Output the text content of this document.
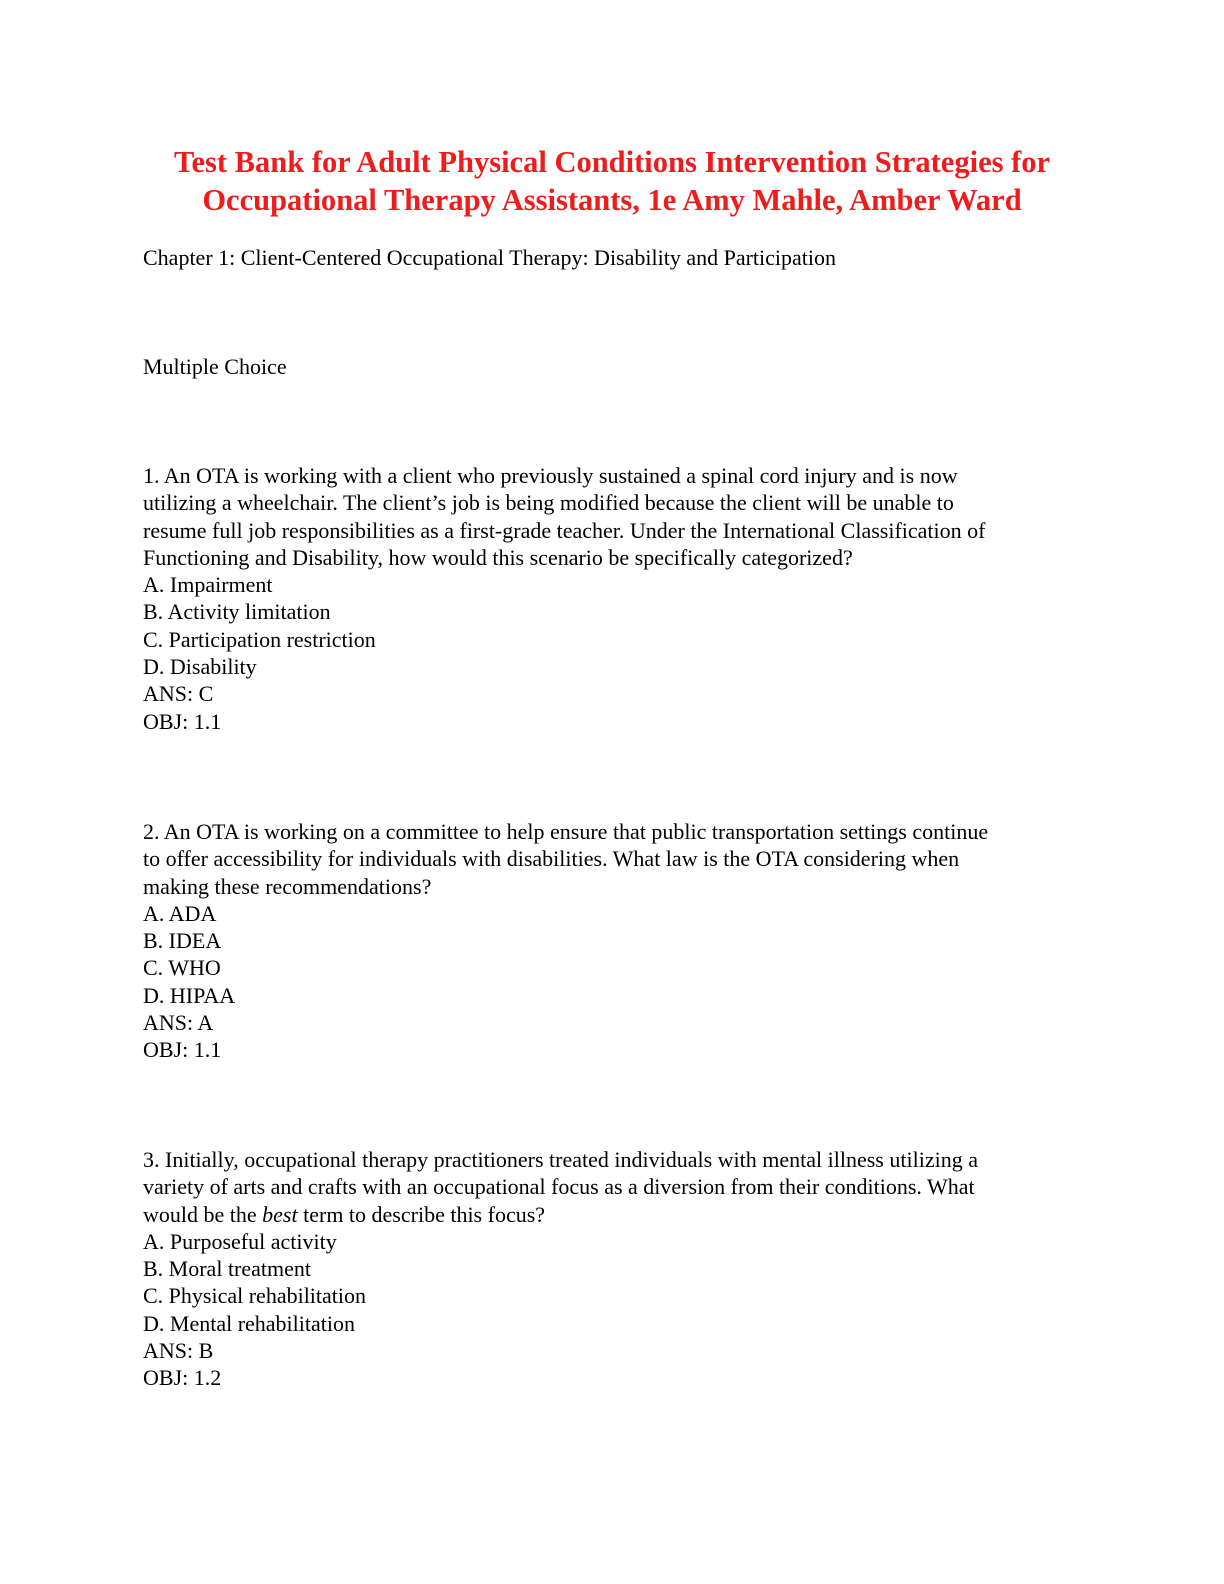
Test Bank for Adult Physical Conditions Intervention Strategies for
Occupational Therapy Assistants, 1e Amy Mahle, Amber Ward
Chapter 1: Client-Centered Occupational Therapy: Disability and Participation
Multiple Choice
1. An OTA is working with a client who previously sustained a spinal cord injury and is now
utilizing a wheelchair. The client’s job is being modified because the client will be unable to
resume full job responsibilities as a first-grade teacher. Under the International Classification of
Functioning and Disability, how would this scenario be specifically categorized?
A. Impairment
B. Activity limitation
C. Participation restriction
D. Disability
ANS: C
OBJ: 1.1
2. An OTA is working on a committee to help ensure that public transportation settings continue
to offer accessibility for individuals with disabilities. What law is the OTA considering when
making these recommendations?
A. ADA
B. IDEA
C. WHO
D. HIPAA
ANS: A
OBJ: 1.1
3. Initially, occupational therapy practitioners treated individuals with mental illness utilizing a
variety of arts and crafts with an occupational focus as a diversion from their conditions. What
would be the best term to describe this focus?
A. Purposeful activity
B. Moral treatment
C. Physical rehabilitation
D. Mental rehabilitation
ANS: B
OBJ: 1.2
